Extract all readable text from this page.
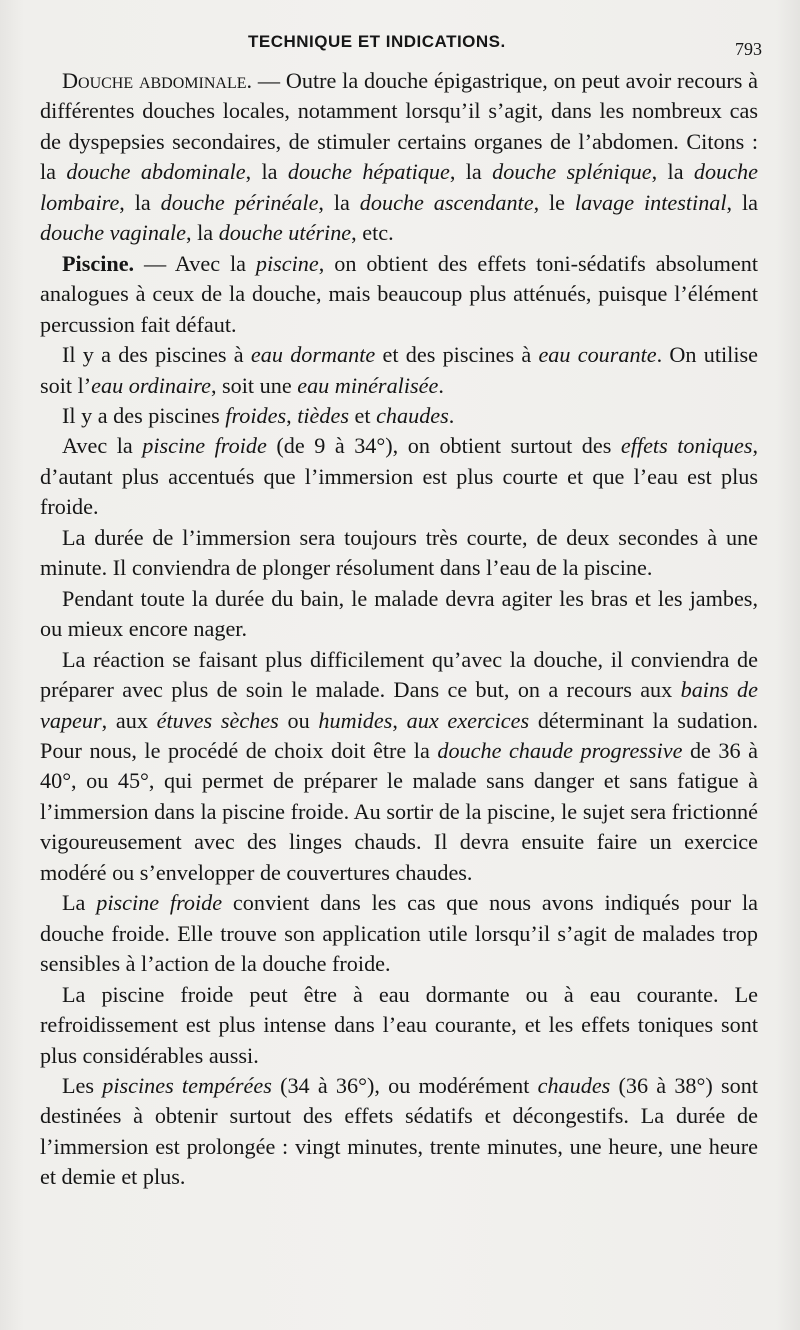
TECHNIQUE ET INDICATIONS.	793

Douche abdominale. — Outre la douche épigastrique, on peut avoir recours à différentes douches locales, notamment lorsqu’il s’agit, dans les nombreux cas de dyspepsies secondaires, de stimuler certains organes de l’abdomen. Citons : la douche abdominale, la douche hépatique, la douche splénique, la douche lombaire, la douche périnéale, la douche ascendante, le lavage intestinal, la douche vaginale, la douche utérine, etc.

Piscine. — Avec la piscine, on obtient des effets toni-sédatifs absolument analogues à ceux de la douche, mais beaucoup plus atténués, puisque l’élément percussion fait défaut.

Il y a des piscines à eau dormante et des piscines à eau courante. On utilise soit l’eau ordinaire, soit une eau minéralisée.

Il y a des piscines froides, tièdes et chaudes.

Avec la piscine froide (de 9 à 34°), on obtient surtout des effets toniques, d’autant plus accentués que l’immersion est plus courte et que l’eau est plus froide.

La durée de l’immersion sera toujours très courte, de deux secondes à une minute. Il conviendra de plonger résolument dans l’eau de la piscine.

Pendant toute la durée du bain, le malade devra agiter les bras et les jambes, ou mieux encore nager.

La réaction se faisant plus difficilement qu’avec la douche, il conviendra de préparer avec plus de soin le malade. Dans ce but, on a recours aux bains de vapeur, aux étuves sèches ou humides, aux exercices déterminant la sudation. Pour nous, le procédé de choix doit être la douche chaude progressive de 36 à 40°, ou 45°, qui permet de préparer le malade sans danger et sans fatigue à l’immersion dans la piscine froide. Au sortir de la piscine, le sujet sera frictionné vigoureusement avec des linges chauds. Il devra ensuite faire un exercice modéré ou s’envelopper de couvertures chaudes.

La piscine froide convient dans les cas que nous avons indiqués pour la douche froide. Elle trouve son application utile lorsqu’il s’agit de malades trop sensibles à l’action de la douche froide.

La piscine froide peut être à eau dormante ou à eau courante. Le refroidissement est plus intense dans l’eau courante, et les effets toniques sont plus considérables aussi.

Les piscines tempérées (34 à 36°), ou modérément chaudes (36 à 38°) sont destinées à obtenir surtout des effets sédatifs et décongestifs. La durée de l’immersion est prolongée : vingt minutes, trente minutes, une heure, une heure et demie et plus.
